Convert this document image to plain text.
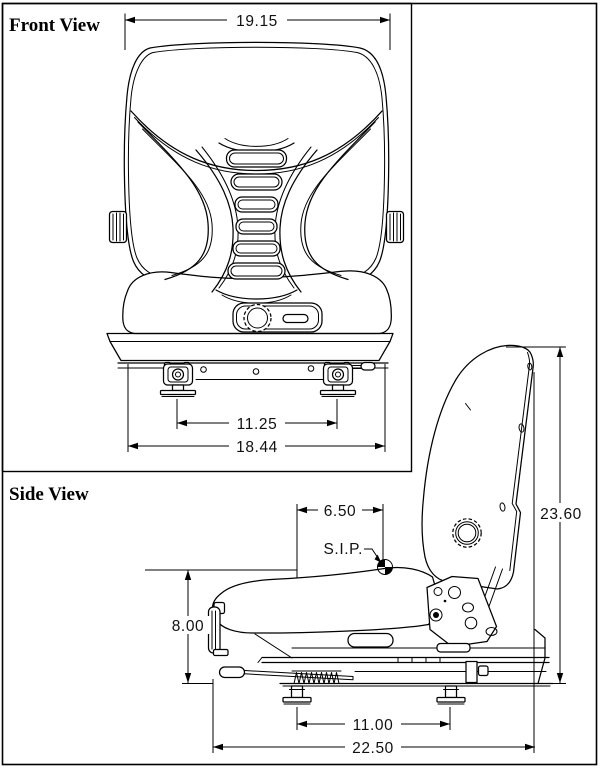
Front View	19.15
11.25
18.44
Side View
S.I.P.
6.50	23.60
8.00
11.00
22.50
